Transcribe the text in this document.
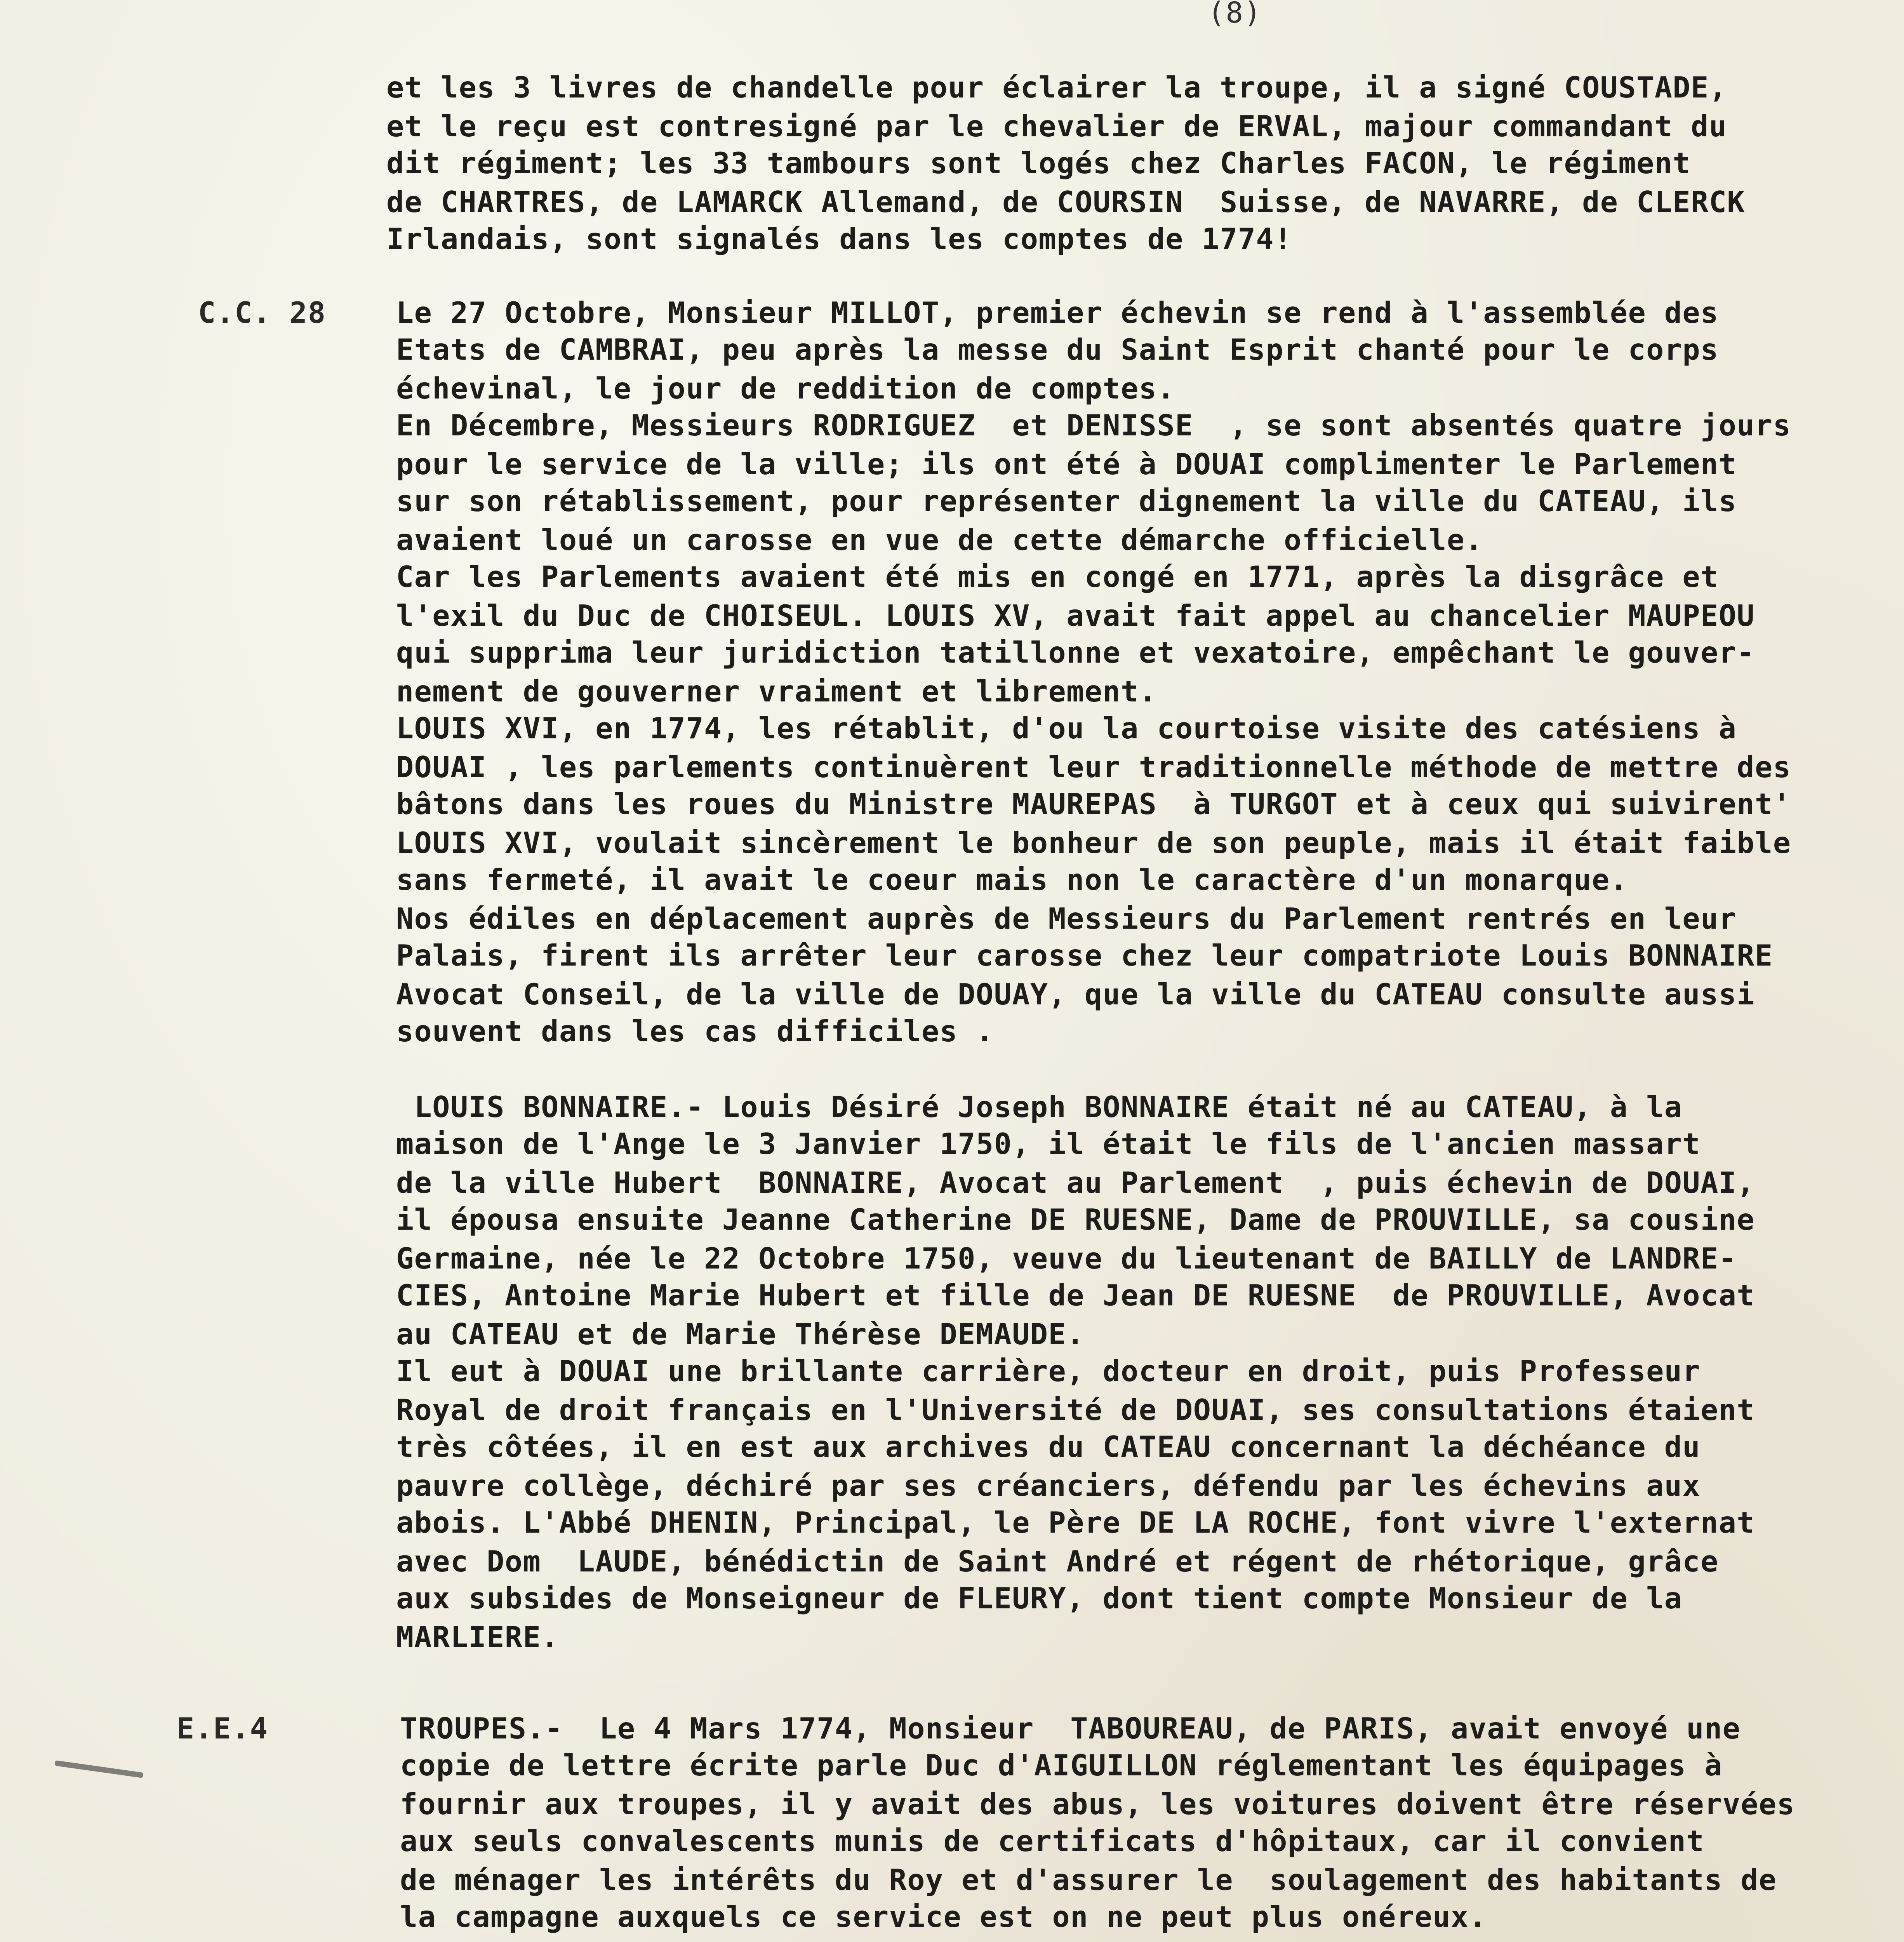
(8)
C.C. 28
E.E.4
et les 3 livres de chandelle pour éclairer la troupe, il a signé COUSTADE,
et le reçu est contresigné par le chevalier de ERVAL, majour commandant du
dit régiment; les 33 tambours sont logés chez Charles FACON, le régiment
de CHARTRES, de LAMARCK Allemand, de COURSIN  Suisse, de NAVARRE, de CLERCK
Irlandais, sont signalés dans les comptes de 1774!
Le 27 Octobre, Monsieur MILLOT, premier échevin se rend à l'assemblée des
Etats de CAMBRAI, peu après la messe du Saint Esprit chanté pour le corps
échevinal, le jour de reddition de comptes.
En Décembre, Messieurs RODRIGUEZ  et DENISSE  , se sont absentés quatre jours
pour le service de la ville; ils ont été à DOUAI complimenter le Parlement
sur son rétablissement, pour représenter dignement la ville du CATEAU, ils
avaient loué un carosse en vue de cette démarche officielle.
Car les Parlements avaient été mis en congé en 1771, après la disgrâce et
l'exil du Duc de CHOISEUL. LOUIS XV, avait fait appel au chancelier MAUPEOU
qui supprima leur juridiction tatillonne et vexatoire, empêchant le gouver-
nement de gouverner vraiment et librement.
LOUIS XVI, en 1774, les rétablit, d'ou la courtoise visite des catésiens à
DOUAI , les parlements continuèrent leur traditionnelle méthode de mettre des
bâtons dans les roues du Ministre MAUREPAS  à TURGOT et à ceux qui suivirent'
LOUIS XVI, voulait sincèrement le bonheur de son peuple, mais il était faible
sans fermeté, il avait le coeur mais non le caractère d'un monarque.
Nos édiles en déplacement auprès de Messieurs du Parlement rentrés en leur
Palais, firent ils arrêter leur carosse chez leur compatriote Louis BONNAIRE
Avocat Conseil, de la ville de DOUAY, que la ville du CATEAU consulte aussi
souvent dans les cas difficiles .
LOUIS BONNAIRE.- Louis Désiré Joseph BONNAIRE était né au CATEAU, à la
maison de l'Ange le 3 Janvier 1750, il était le fils de l'ancien massart
de la ville Hubert  BONNAIRE, Avocat au Parlement  , puis échevin de DOUAI,
il épousa ensuite Jeanne Catherine DE RUESNE, Dame de PROUVILLE, sa cousine
Germaine, née le 22 Octobre 1750, veuve du lieutenant de BAILLY de LANDRE-
CIES, Antoine Marie Hubert et fille de Jean DE RUESNE  de PROUVILLE, Avocat
au CATEAU et de Marie Thérèse DEMAUDE.
Il eut à DOUAI une brillante carrière, docteur en droit, puis Professeur
Royal de droit français en l'Université de DOUAI, ses consultations étaient
très côtées, il en est aux archives du CATEAU concernant la déchéance du
pauvre collège, déchiré par ses créanciers, défendu par les échevins aux
abois. L'Abbé DHENIN, Principal, le Père DE LA ROCHE, font vivre l'externat
avec Dom  LAUDE, bénédictin de Saint André et régent de rhétorique, grâce
aux subsides de Monseigneur de FLEURY, dont tient compte Monsieur de la
MARLIERE.
TROUPES.-  Le 4 Mars 1774, Monsieur  TABOUREAU, de PARIS, avait envoyé une
copie de lettre écrite parle Duc d'AIGUILLON réglementant les équipages à
fournir aux troupes, il y avait des abus, les voitures doivent être réservées
aux seuls convalescents munis de certificats d'hôpitaux, car il convient
de ménager les intérêts du Roy et d'assurer le  soulagement des habitants de
la campagne auxquels ce service est on ne peut plus onéreux.
